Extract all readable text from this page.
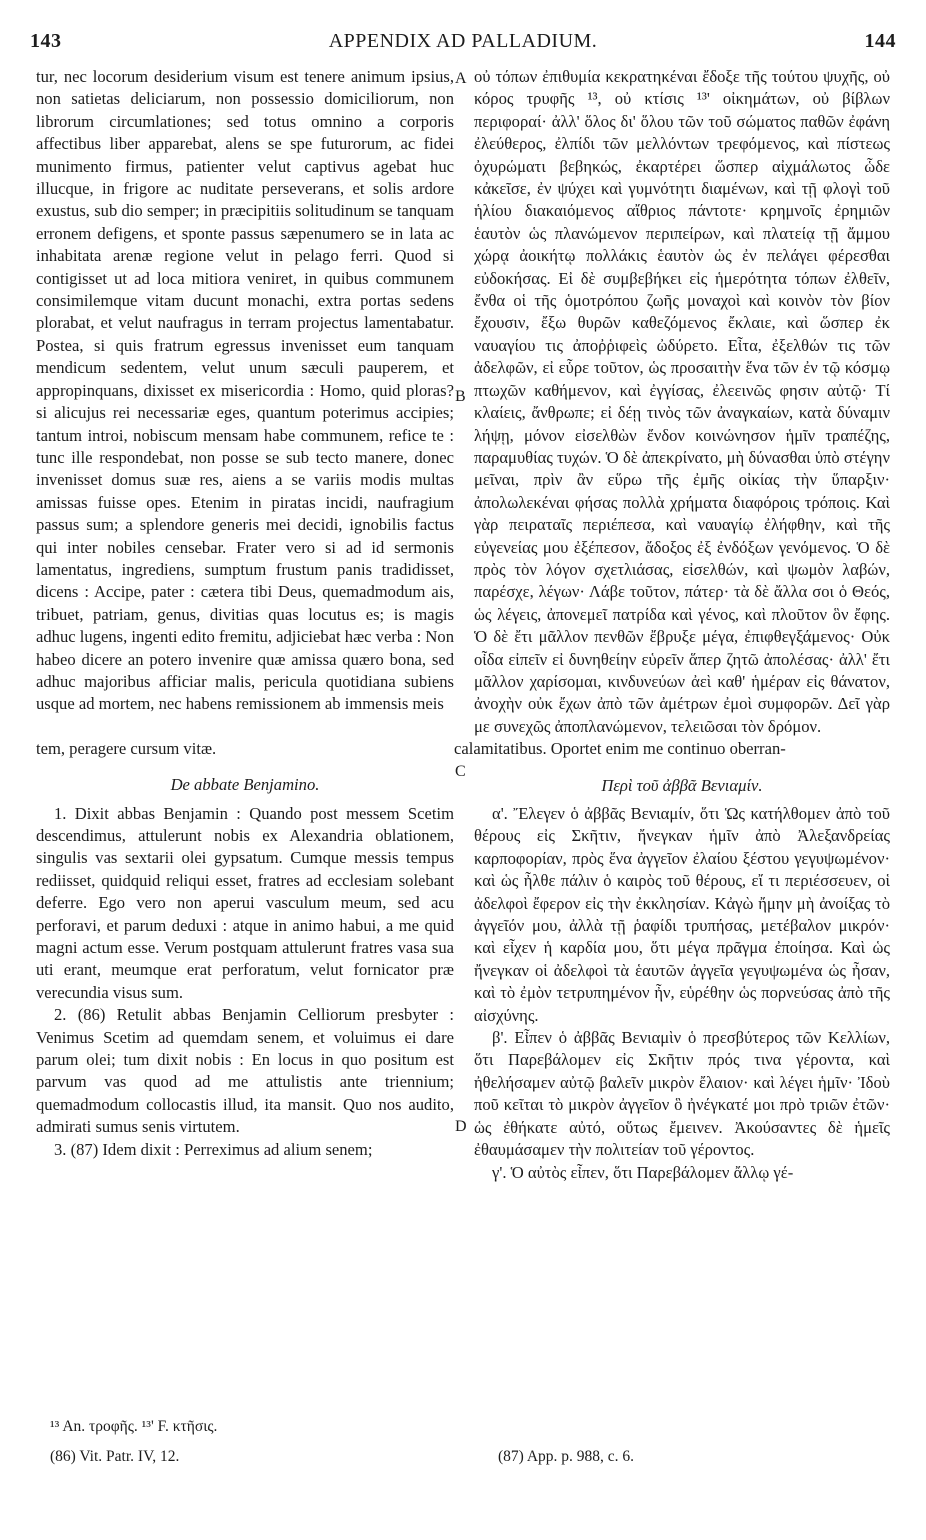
143	APPENDIX AD PALLADIUM.	144

tur, nec locorum desiderium visum est tenere animum ipsius, non satietas deliciarum, non possessio domiciliorum, non librorum circumlationes; sed totus omnino a corporis affectibus liber apparebat, alens se spe futurorum, ac fidei munimento firmus, patienter velut captivus agebat huc illucque, in frigore ac nuditate perseverans, et solis ardore exustus, sub dio semper; in præcipitiis solitudinum se tanquam erronem defigens, et sponte passus sæpenumero se in lata ac inhabitata arenæ regione velut in pelago ferri. Quod si contigisset ut ad loca mitiora veniret, in quibus communem consimilemque vitam ducunt monachi, extra portas sedens plorabat, et velut naufragus in terram projectus lamentabatur. Postea, si quis fratrum egressus invenisset eum tanquam mendicum sedentem, velut unum sæculi pauperem, et appropinquans, dixisset ex misericordia : Homo, quid ploras? si alicujus rei necessariæ eges, quantum poterimus accipies; tantum introi, nobiscum mensam habe communem, refice te : tunc ille respondebat, non posse se sub tecto manere, donec invenisset domus suæ res, aiens a se variis modis multas amissas fuisse opes. Etenim in piratas incidi, naufragium passus sum; a splendore generis mei decidi, ignobilis factus qui inter nobiles censebar. Frater vero si ad id sermonis lamentatus, ingrediens, sumptum frustum panis tradidisset, dicens : Accipe, pater : cætera tibi Deus, quemadmodum ais, tribuet, patriam, genus, divitias quas locutus es; is magis adhuc lugens, ingenti edito fremitu, adjiciebat hæc verba : Non habeo dicere an potero invenire quæ amissa quæro bona, sed adhuc majoribus afficiar malis, pericula quotidiana subiens usque ad mortem, nec habens remissionem ab immensis meis

tem, peragere cursum vitæ.

De abbate Benjamino.

1. Dixit abbas Benjamin : Quando post messem Scetim descendimus, attulerunt nobis ex Alexandria oblationem, singulis vas sextarii olei gypsatum. Cumque messis tempus rediisset, quidquid reliqui esset, fratres ad ecclesiam solebant deferre. Ego vero non aperui vasculum meum, sed acu perforavi, et parum deduxi : atque in animo habui, a me quid magni actum esse. Verum postquam attulerunt fratres vasa sua uti erant, meumque erat perforatum, velut fornicator præ verecundia visus sum.

2. (86) Retulit abbas Benjamin Celliorum presbyter : Venimus Scetim ad quemdam senem, et voluimus ei dare parum olei; tum dixit nobis : En locus in quo positum est parvum vas quod ad me attulistis ante triennium; quemadmodum collocastis illud, ita mansit. Quo nos audito, admirati sumus senis virtutem.

3. (87) Idem dixit : Perreximus ad alium senem;

A
B
C
D

οὐ τόπων ἐπιθυμία κεκρατηκέναι ἔδοξε τῆς τούτου ψυχῆς, οὐ κόρος τρυφῆς ¹³, οὐ κτίσις ¹³' οἰκημάτων, οὐ βίβλων περιφοραί· ἀλλ' ὅλος δι' ὅλου τῶν τοῦ σώματος παθῶν ἐφάνη ἐλεύθερος, ἐλπίδι τῶν μελλόντων τρεφόμενος, καὶ πίστεως ὀχυρώματι βεβηκώς, ἐκαρτέρει ὥσπερ αἰχμάλωτος ὧδε κἀκεῖσε, ἐν ψύχει καὶ γυμνότητι διαμένων, καὶ τῇ φλογὶ τοῦ ἡλίου διακαιόμενος αἴθριος πάντοτε· κρημνοῖς ἐρημιῶν ἑαυτὸν ὡς πλανώμενον περιπείρων, καὶ πλατείᾳ τῇ ἄμμου χώρᾳ ἀοικήτῳ πολλάκις ἑαυτὸν ὡς ἐν πελάγει φέρεσθαι εὐδοκήσας. Εἰ δὲ συμβεβήκει εἰς ἡμερότητα τόπων ἐλθεῖν, ἔνθα οἱ τῆς ὁμοτρόπου ζωῆς μοναχοὶ καὶ κοινὸν τὸν βίον ἔχουσιν, ἔξω θυρῶν καθεζόμενος ἔκλαιε, καὶ ὥσπερ ἐκ ναυαγίου τις ἀποῤῥιφεὶς ὠδύρετο. Εἶτα, ἐξελθών τις τῶν ἀδελφῶν, εἰ εὗρε τοῦτον, ὡς προσαιτὴν ἕνα τῶν ἐν τῷ κόσμῳ πτωχῶν καθήμενον, καὶ ἐγγίσας, ἐλεεινῶς φησιν αὐτῷ· Τί κλαίεις, ἄνθρωπε; εἰ δέῃ τινὸς τῶν ἀναγκαίων, κατὰ δύναμιν λήψῃ, μόνον εἰσελθὼν ἔνδον κοινώνησον ἡμῖν τραπέζης, παραμυθίας τυχών. Ὁ δὲ ἀπεκρίνατο, μὴ δύνασθαι ὑπὸ στέγην μεῖναι, πρὶν ἂν εὕρω τῆς ἐμῆς οἰκίας τὴν ὕπαρξιν· ἀπολωλεκέναι φήσας πολλὰ χρήματα διαφόροις τρόποις. Καὶ γὰρ πειραταῖς περιέπεσα, καὶ ναυαγίῳ ἐλήφθην, καὶ τῆς εὐγενείας μου ἐξέπεσον, ἄδοξος ἐξ ἐνδόξων γενόμενος. Ὁ δὲ πρὸς τὸν λόγον σχετλιάσας, εἰσελθών, καὶ ψωμὸν λαβών, παρέσχε, λέγων· Λάβε τοῦτον, πάτερ· τὰ δὲ ἄλλα σοι ὁ Θεός, ὡς λέγεις, ἀπονεμεῖ πατρίδα καὶ γένος, καὶ πλοῦτον ὃν ἔφης. Ὁ δὲ ἔτι μᾶλλον πενθῶν ἔβρυξε μέγα, ἐπιφθεγξάμενος· Οὐκ οἶδα εἰπεῖν εἰ δυνηθείην εὑρεῖν ἅπερ ζητῶ ἀπολέσας· ἀλλ' ἔτι μᾶλλον χαρίσομαι, κινδυνεύων ἀεὶ καθ' ἡμέραν εἰς θάνατον, ἀνοχὴν οὐκ ἔχων ἀπὸ τῶν ἀμέτρων ἐμοὶ συμφορῶν. Δεῖ γὰρ με συνεχῶς ἀποπλανώμενον, τελειῶσαι τὸν δρόμον.

calamitatibus. Oportet enim me continuo oberran-

Περὶ τοῦ ἀββᾶ Βενιαμίν.

α'. Ἔλεγεν ὁ ἀββᾶς Βενιαμίν, ὅτι Ὡς κατήλθομεν ἀπὸ τοῦ θέρους εἰς Σκῆτιν, ἤνεγκαν ἡμῖν ἀπὸ Ἀλεξανδρείας καρποφορίαν, πρὸς ἕνα ἀγγεῖον ἐλαίου ξέστου γεγυψωμένον· καὶ ὡς ἦλθε πάλιν ὁ καιρὸς τοῦ θέρους, εἴ τι περιέσσευεν, οἱ ἀδελφοὶ ἔφερον εἰς τὴν ἐκκλησίαν. Κἀγὼ ἤμην μὴ ἀνοίξας τὸ ἀγγεῖόν μου, ἀλλὰ τῇ ῥαφίδι τρυπήσας, μετέβαλον μικρόν· καὶ εἶχεν ἡ καρδία μου, ὅτι μέγα πρᾶγμα ἐποίησα. Καὶ ὡς ἤνεγκαν οἱ ἀδελφοὶ τὰ ἑαυτῶν ἀγγεῖα γεγυψωμένα ὡς ἦσαν, καὶ τὸ ἐμὸν τετρυπημένον ἦν, εὑρέθην ὡς πορνεύσας ἀπὸ τῆς αἰσχύνης.

β'. Εἶπεν ὁ ἀββᾶς Βενιαμὶν ὁ πρεσβύτερος τῶν Κελλίων, ὅτι Παρεβάλομεν εἰς Σκῆτιν πρός τινα γέροντα, καὶ ἠθελήσαμεν αὐτῷ βαλεῖν μικρὸν ἔλαιον· καὶ λέγει ἡμῖν· Ἰδοὺ ποῦ κεῖται τὸ μικρὸν ἀγγεῖον ὃ ἠνέγκατέ μοι πρὸ τριῶν ἐτῶν· ὡς ἐθήκατε αὐτό, οὕτως ἔμεινεν. Ἀκούσαντες δὲ ἡμεῖς ἐθαυμάσαμεν τὴν πολιτείαν τοῦ γέροντος.

γ'. Ὁ αὐτὸς εἶπεν, ὅτι Παρεβάλομεν ἄλλῳ γέ-

¹³ An. τροφῆς. ¹³' F. κτῆσις.
(86) Vit. Patr. IV, 12.	(87) App. p. 988, c. 6.
